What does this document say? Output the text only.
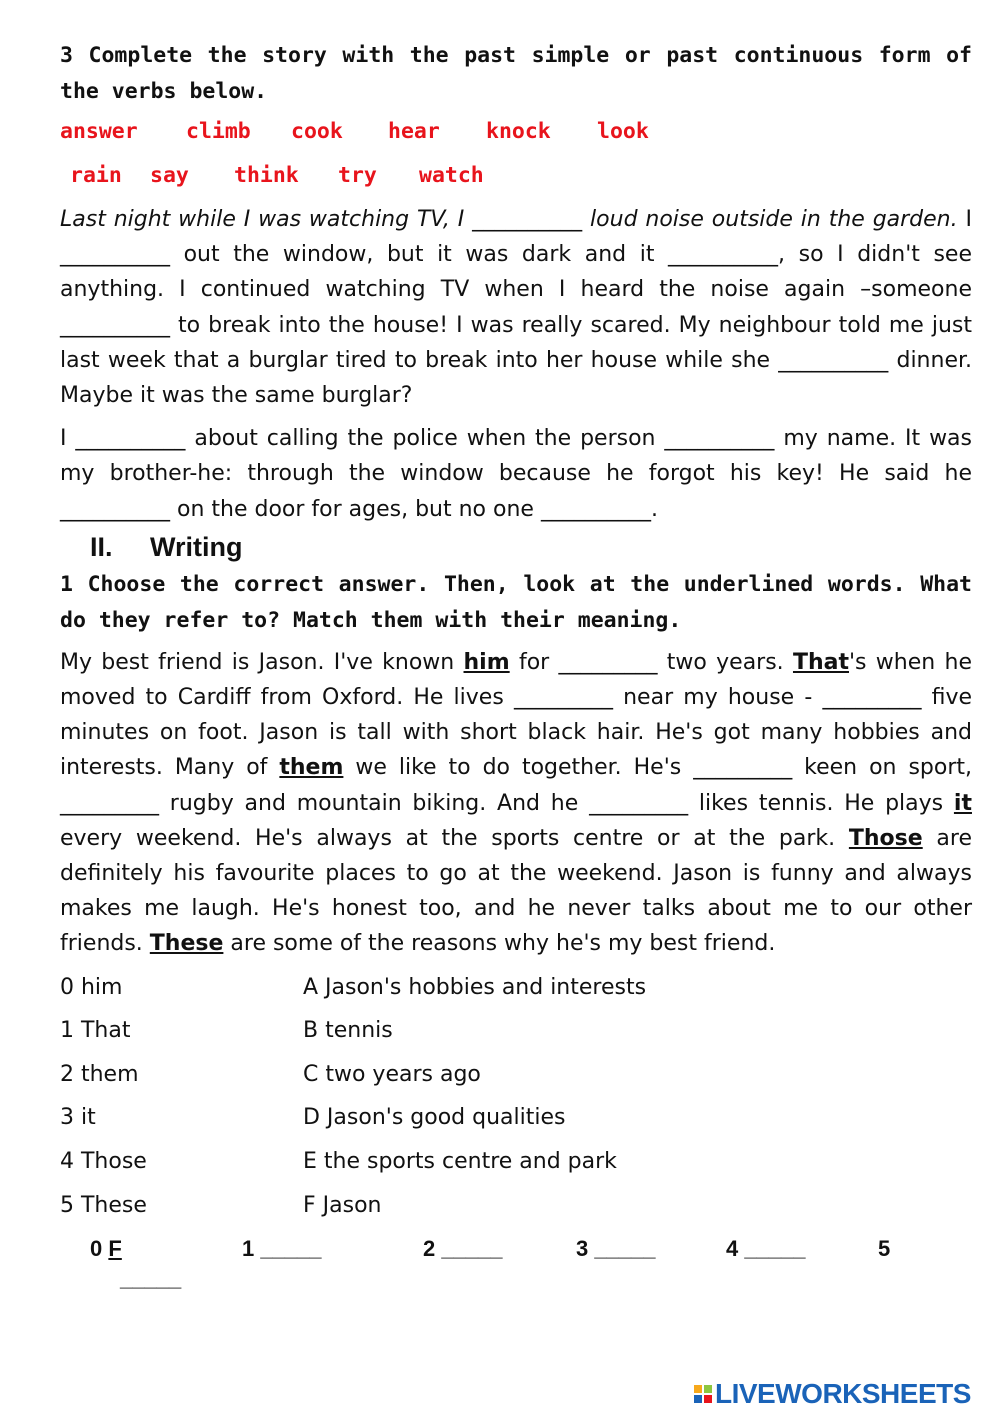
3 Complete the story with the past simple or past continuous form of the verbs below.
answer climb cook hear knock look
rain say think try watch
Last night while I was watching TV, I __________ loud noise outside in the garden. I __________ out the window, but it was dark and it __________, so I didn't see anything. I continued watching TV when I heard the noise again –someone __________ to break into the house! I was really scared. My neighbour told me just last week that a burglar tired to break into her house while she __________ dinner. Maybe it was the same burglar?
I __________ about calling the police when the person __________ my name. It was my brother-he: through the window because he forgot his key! He said he __________ on the door for ages, but no one __________.
II. Writing
1 Choose the correct answer. Then, look at the underlined words. What do they refer to? Match them with their meaning.
My best friend is Jason. I've known him for _________ two years. That's when he moved to Cardiff from Oxford. He lives _________ near my house - _________ five minutes on foot. Jason is tall with short black hair. He's got many hobbies and interests. Many of them we like to do together. He's _________ keen on sport, _________ rugby and mountain biking. And he _________ likes tennis. He plays it every weekend. He's always at the sports centre or at the park. Those are definitely his favourite places to go at the weekend. Jason is funny and always makes me laugh. He's honest too, and he never talks about me to our other friends. These are some of the reasons why he's my best friend.
0 him	A Jason's hobbies and interests
1 That	B tennis
2 them	C two years ago
3 it	D Jason's good qualities
4 Those	E the sports centre and park
5 These	F Jason
0 F	1 _____	2 _____	3 _____	4 _____	5
_____
LIVEWORKSHEETS
